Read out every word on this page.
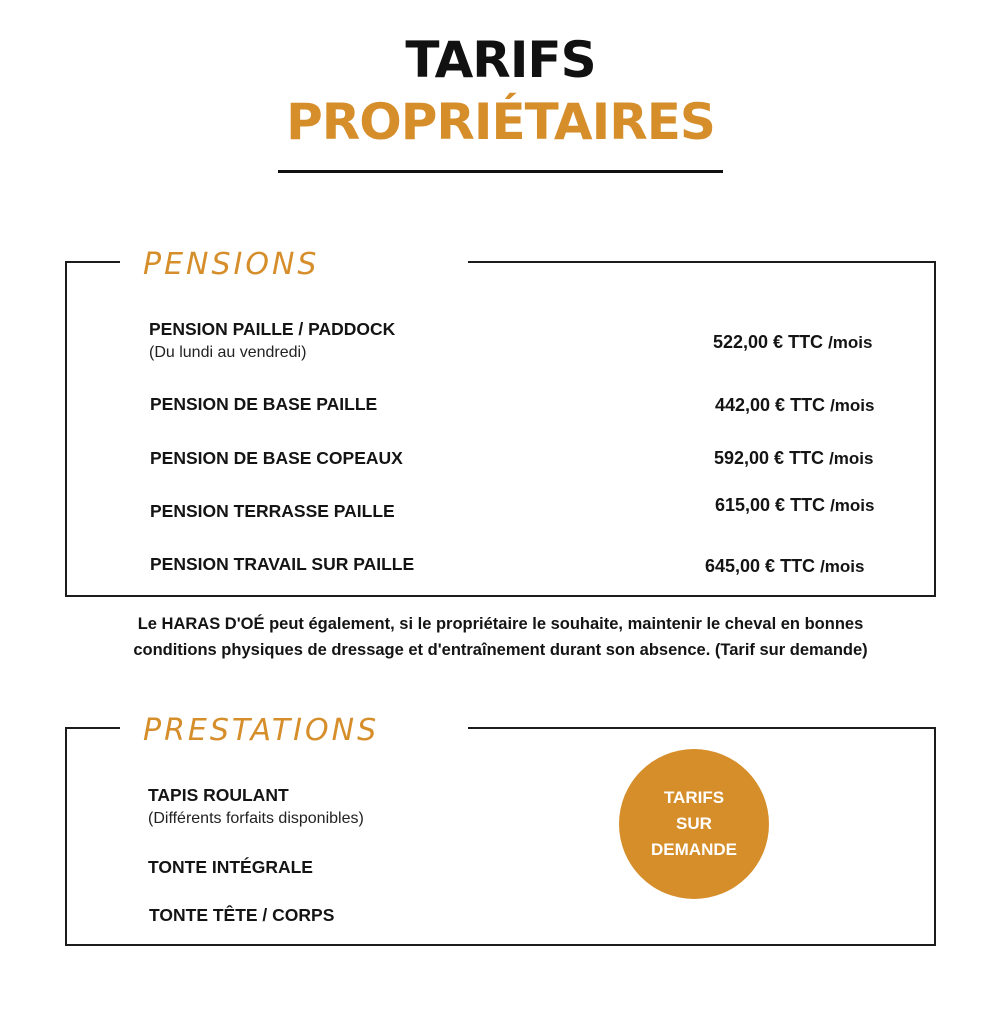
TARIFS
PROPRIÉTAIRES
PENSIONS
PENSION PAILLE / PADDOCK
(Du lundi au vendredi)
522,00 € TTC /mois
PENSION DE BASE PAILLE	442,00 € TTC /mois
PENSION DE BASE COPEAUX	592,00 € TTC /mois
PENSION TERRASSE PAILLE	615,00 € TTC /mois
PENSION TRAVAIL SUR PAILLE	645,00 € TTC /mois
Le HARAS D'OÉ peut également, si le propriétaire le souhaite, maintenir le cheval en bonnes
conditions physiques de dressage et d'entraînement durant son absence. (Tarif sur demande)
PRESTATIONS
TAPIS ROULANT
(Différents forfaits disponibles)
TONTE INTÉGRALE
TONTE TÊTE / CORPS
TARIFS
SUR
DEMANDE
